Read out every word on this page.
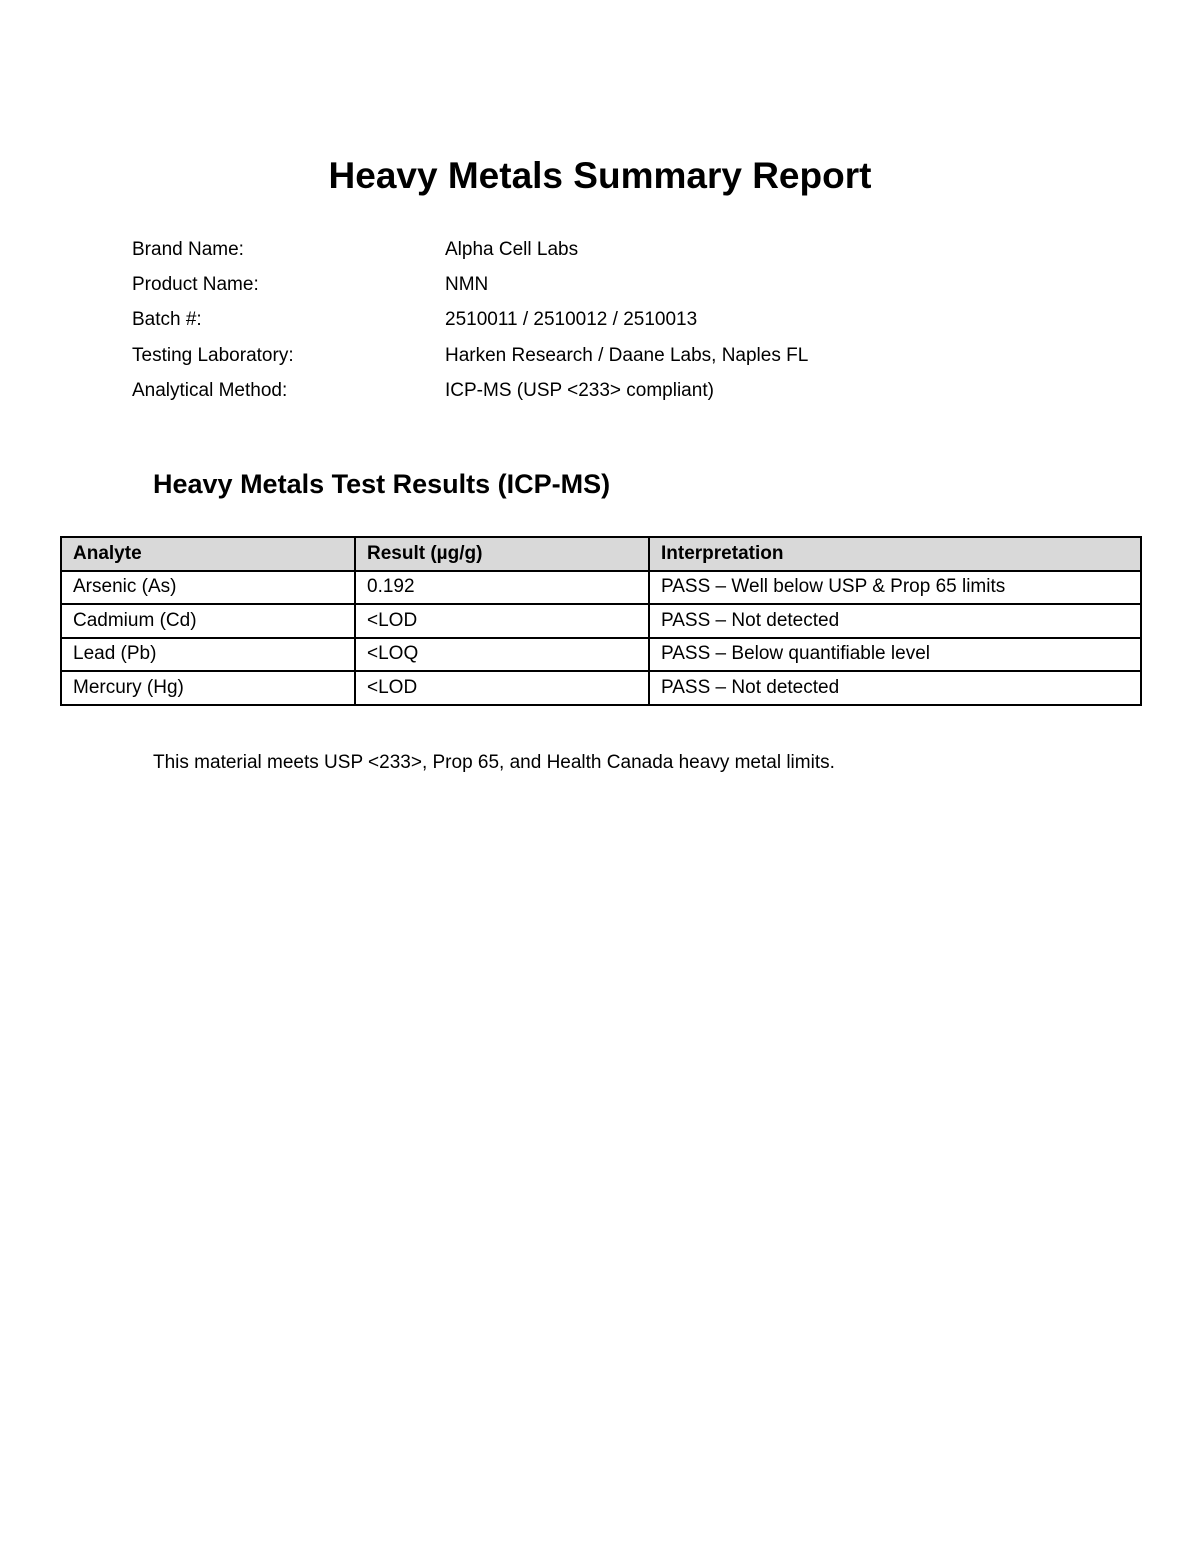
Heavy Metals Summary Report
Brand Name:	Alpha Cell Labs
Product Name:	NMN
Batch #:	2510011 / 2510012 / 2510013
Testing Laboratory:	Harken Research / Daane Labs, Naples FL
Analytical Method:	ICP-MS (USP <233> compliant)
Heavy Metals Test Results (ICP-MS)
Analyte	Result (µg/g)	Interpretation
Arsenic (As)	0.192	PASS – Well below USP & Prop 65 limits
Cadmium (Cd)	<LOD	PASS – Not detected
Lead (Pb)	<LOQ	PASS – Below quantifiable level
Mercury (Hg)	<LOD	PASS – Not detected

This material meets USP <233>, Prop 65, and Health Canada heavy metal limits.
